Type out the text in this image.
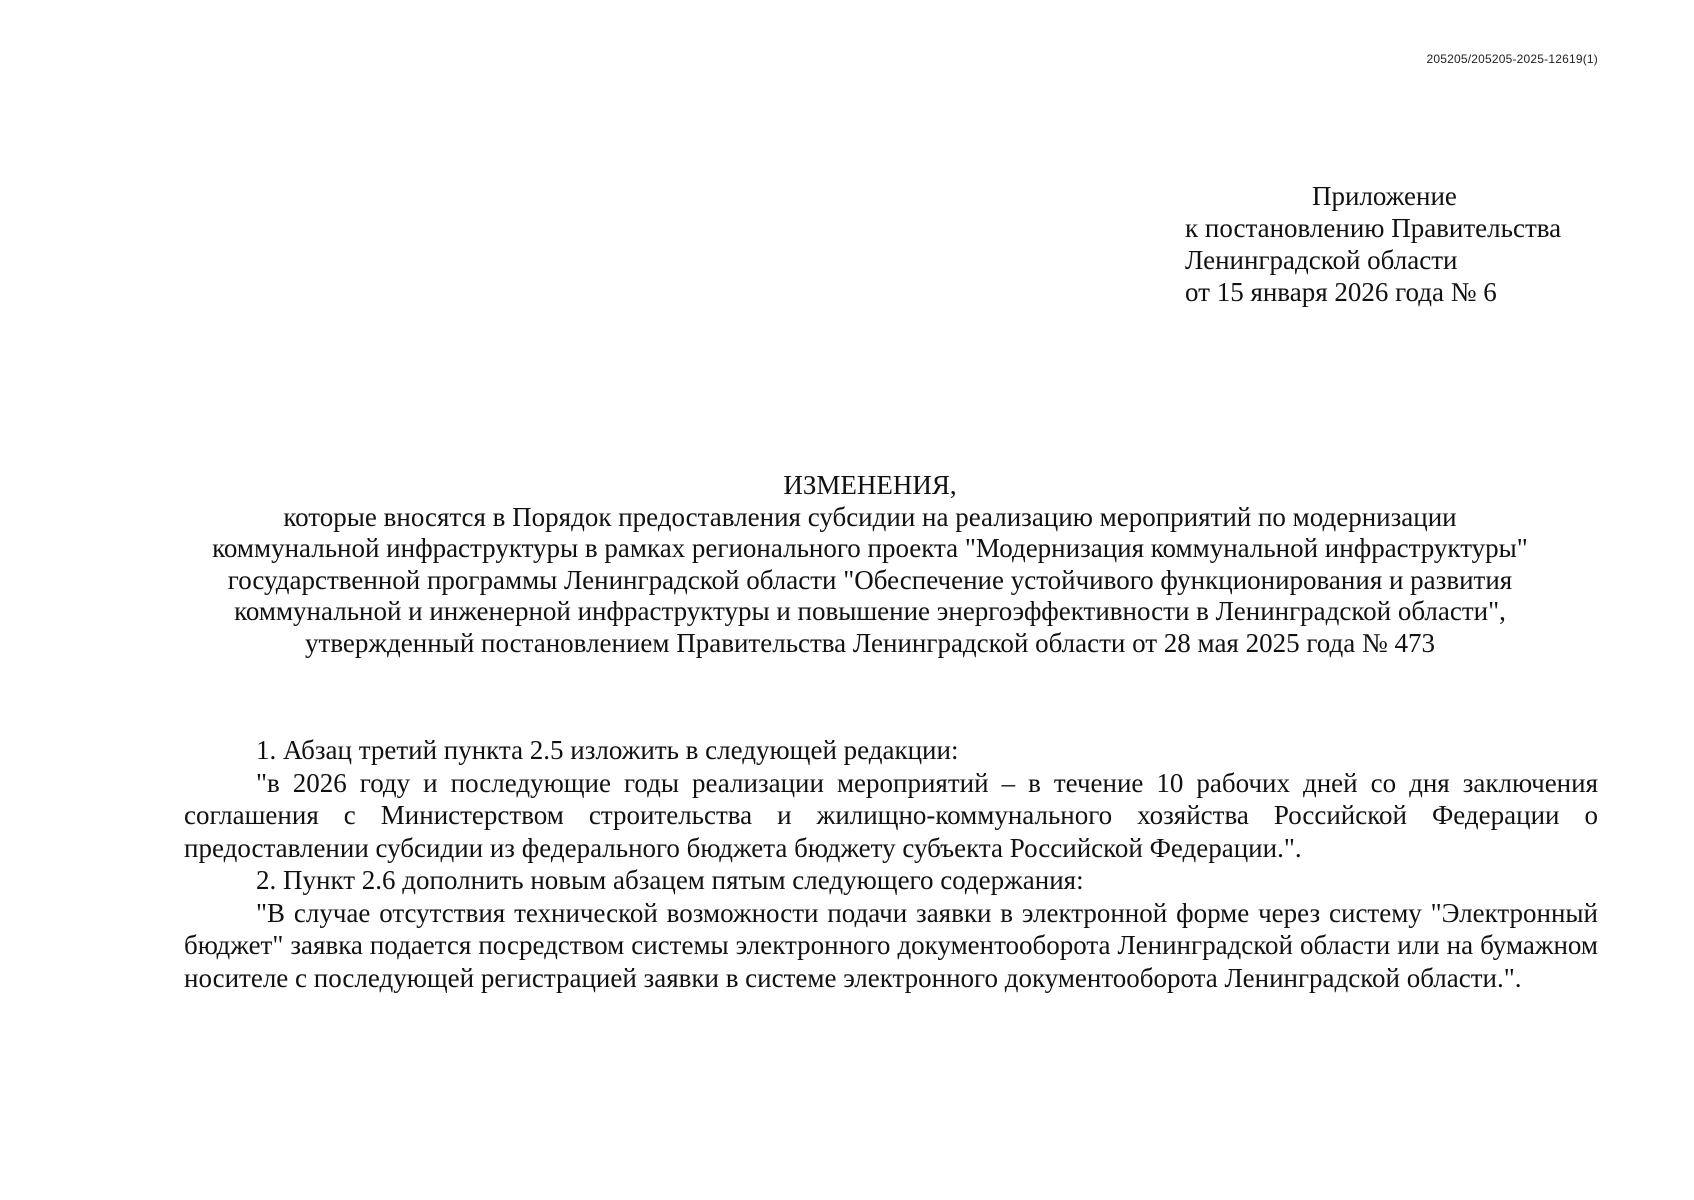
205205/205205-2025-12619(1)
Приложение
к постановлению Правительства
Ленинградской области
от 15 января 2026 года № 6
ИЗМЕНЕНИЯ,
которые вносятся в Порядок предоставления субсидии на реализацию мероприятий по модернизации
коммунальной инфраструктуры в рамках регионального проекта "Модернизация коммунальной инфраструктуры"
государственной программы Ленинградской области "Обеспечение устойчивого функционирования и развития
коммунальной и инженерной инфраструктуры и повышение энергоэффективности в Ленинградской области",
утвержденный постановлением Правительства Ленинградской области от 28 мая 2025 года № 473

1. Абзац третий пункта 2.5 изложить в следующей редакции:

"в 2026 году и последующие годы реализации мероприятий – в течение 10 рабочих дней со дня заключения соглашения с Министерством строительства и жилищно-коммунального хозяйства Российской Федерации о предоставлении субсидии из федерального бюджета бюджету субъекта Российской Федерации.".

2. Пункт 2.6 дополнить новым абзацем пятым следующего содержания:

"В случае отсутствия технической возможности подачи заявки в электронной форме через систему "Электронный бюджет" заявка подается посредством системы электронного документооборота Ленинградской области или на бумажном носителе с последующей регистрацией заявки в системе электронного документооборота Ленинградской области.".
